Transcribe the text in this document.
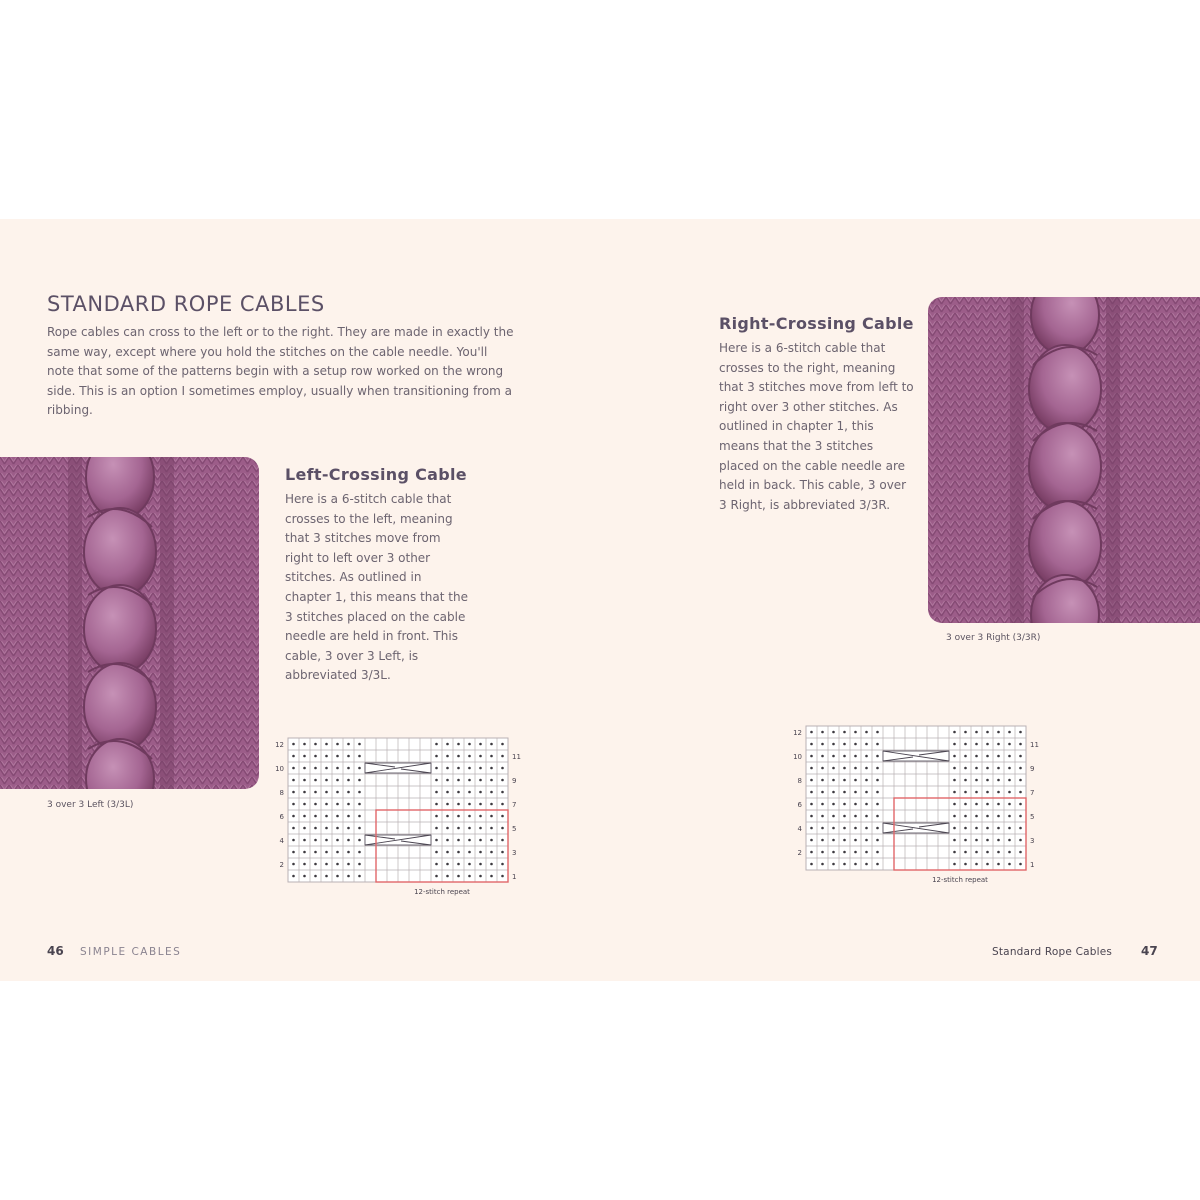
STANDARD ROPE CABLES

Rope cables can cross to the left or to the right. They are made in exactly the same way, except where you hold the stitches on the cable needle. You'll note that some of the patterns begin with a setup row worked on the wrong side. This is an option I sometimes employ, usually when transitioning from a ribbing.

3 over 3 Left (3/3L)
Left-Crossing Cable

Here is a 6-stitch cable that crosses to the left, meaning that 3 stitches move from right to left over 3 other stitches. As outlined in chapter 1, this means that the 3 stitches placed on the cable needle are held in front. This cable, 3 over 3 Left, is abbreviated 3/3L.

12
10
8
6
4
2
11
9
7
5
3
1
12-stitch repeat
Right-Crossing Cable

Here is a 6-stitch cable that crosses to the right, meaning that 3 stitches move from left to right over 3 other stitches. As outlined in chapter 1, this means that the 3 stitches placed on the cable needle are held in back. This cable, 3 over 3 Right, is abbreviated 3/3R.

3 over 3 Right (3/3R)
12
10
8
6
4
2
11
9
7
5
3
1
12-stitch repeat
46 SIMPLE CABLES	Standard Rope Cables 47
